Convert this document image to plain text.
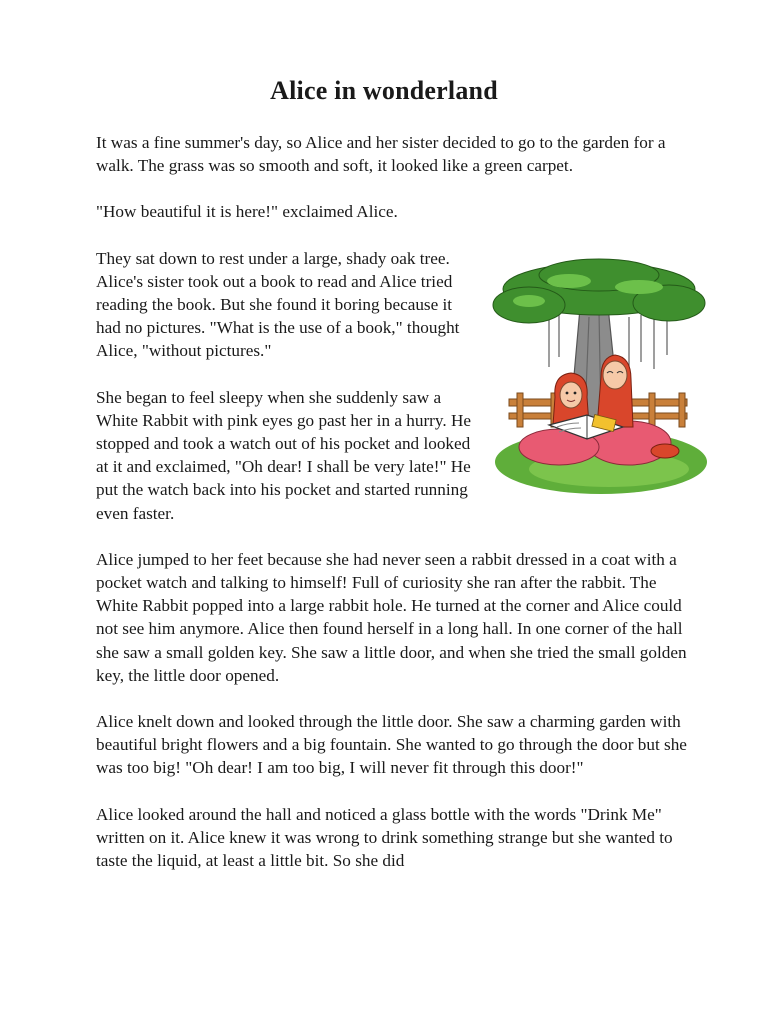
Alice in wonderland

It was a fine summer's day, so Alice and her sister decided to go to the garden for a walk. The grass was so smooth and soft, it looked like a green carpet.

"How beautiful it is here!" exclaimed Alice.

They sat down to rest under a large, shady oak tree. Alice's sister took out a book to read and Alice tried reading the book. But she found it boring because it had no pictures. "What is the use of a book," thought Alice, "without pictures."

She began to feel sleepy when she suddenly saw a White Rabbit with pink eyes go past her in a hurry. He stopped and took a watch out of his pocket and looked at it and exclaimed, "Oh dear! I shall be very late!" He put the watch back into his pocket and started running even faster.

Alice jumped to her feet because she had never seen a rabbit dressed in a coat with a pocket watch and talking to himself! Full of curiosity she ran after the rabbit. The White Rabbit popped into a large rabbit hole. He turned at the corner and Alice could not see him anymore. Alice then found herself in a long hall. In one corner of the hall she saw a small golden key. She saw a little door, and when she tried the small golden key, the little door opened.

Alice knelt down and looked through the little door. She saw a charming garden with beautiful bright flowers and a big fountain. She wanted to go through the door but she was too big! "Oh dear! I am too big, I will never fit through this door!"

Alice looked around the hall and noticed a glass bottle with the words "Drink Me" written on it. Alice knew it was wrong to drink something strange but she wanted to taste the liquid, at least a little bit. So she did
